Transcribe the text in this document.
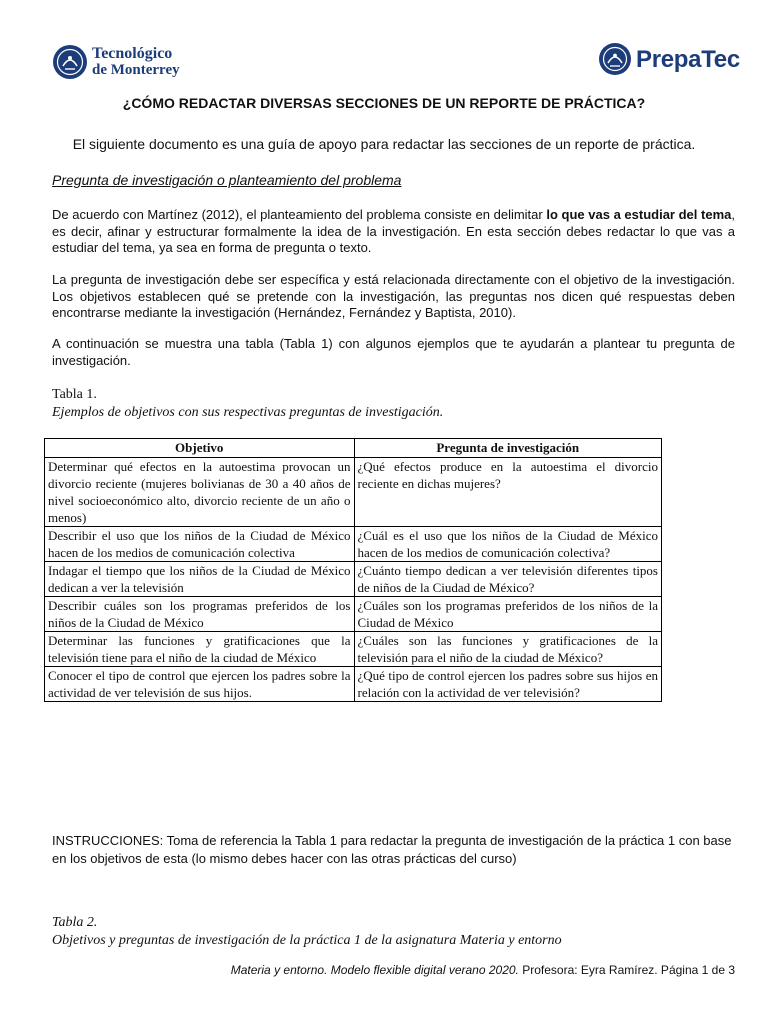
Tecnológico
de Monterrey	PrepaTec
¿CÓMO REDACTAR DIVERSAS SECCIONES DE UN REPORTE DE PRÁCTICA?
El siguiente documento es una guía de apoyo para redactar las secciones de un reporte de práctica.
Pregunta de investigación o planteamiento del problema

De acuerdo con Martínez (2012), el planteamiento del problema consiste en delimitar lo que vas a estudiar del tema, es decir, afinar y estructurar formalmente la idea de la investigación. En esta sección debes redactar lo que vas a estudiar del tema, ya sea en forma de pregunta o texto.

La pregunta de investigación debe ser específica y está relacionada directamente con el objetivo de la investigación. Los objetivos establecen qué se pretende con la investigación, las preguntas nos dicen qué respuestas deben encontrarse mediante la investigación (Hernández, Fernández y Baptista, 2010).

A continuación se muestra una tabla (Tabla 1) con algunos ejemplos que te ayudarán a plantear tu pregunta de investigación.

Tabla 1.
Ejemplos de objetivos con sus respectivas preguntas de investigación.
Objetivo	Pregunta de investigación
Determinar qué efectos en la autoestima provocan un divorcio reciente (mujeres bolivianas de 30 a 40 años de nivel socioeconómico alto, divorcio reciente de un año o menos)	¿Qué efectos produce en la autoestima el divorcio reciente en dichas mujeres?
Describir el uso que los niños de la Ciudad de México hacen de los medios de comunicación colectiva	¿Cuál es el uso que los niños de la Ciudad de México hacen de los medios de comunicación colectiva?
Indagar el tiempo que los niños de la Ciudad de México dedican a ver la televisión	¿Cuánto tiempo dedican a ver televisión diferentes tipos de niños de la Ciudad de México?
Describir cuáles son los programas preferidos de los niños de la Ciudad de México	¿Cuáles son los programas preferidos de los niños de la Ciudad de México
Determinar las funciones y gratificaciones que la televisión tiene para el niño de la ciudad de México	¿Cuáles son las funciones y gratificaciones de la televisión para el niño de la ciudad de México?
Conocer el tipo de control que ejercen los padres sobre la actividad de ver televisión de sus hijos.	¿Qué tipo de control ejercen los padres sobre sus hijos en relación con la actividad de ver televisión?

INSTRUCCIONES: Toma de referencia la Tabla 1 para redactar la pregunta de investigación de la práctica 1 con base en los objetivos de esta (lo mismo debes hacer con las otras prácticas del curso)

Tabla 2.
Objetivos y preguntas de investigación de la práctica 1 de la asignatura Materia y entorno
Materia y entorno. Modelo flexible digital verano 2020. Profesora: Eyra Ramírez. Página 1 de 3
